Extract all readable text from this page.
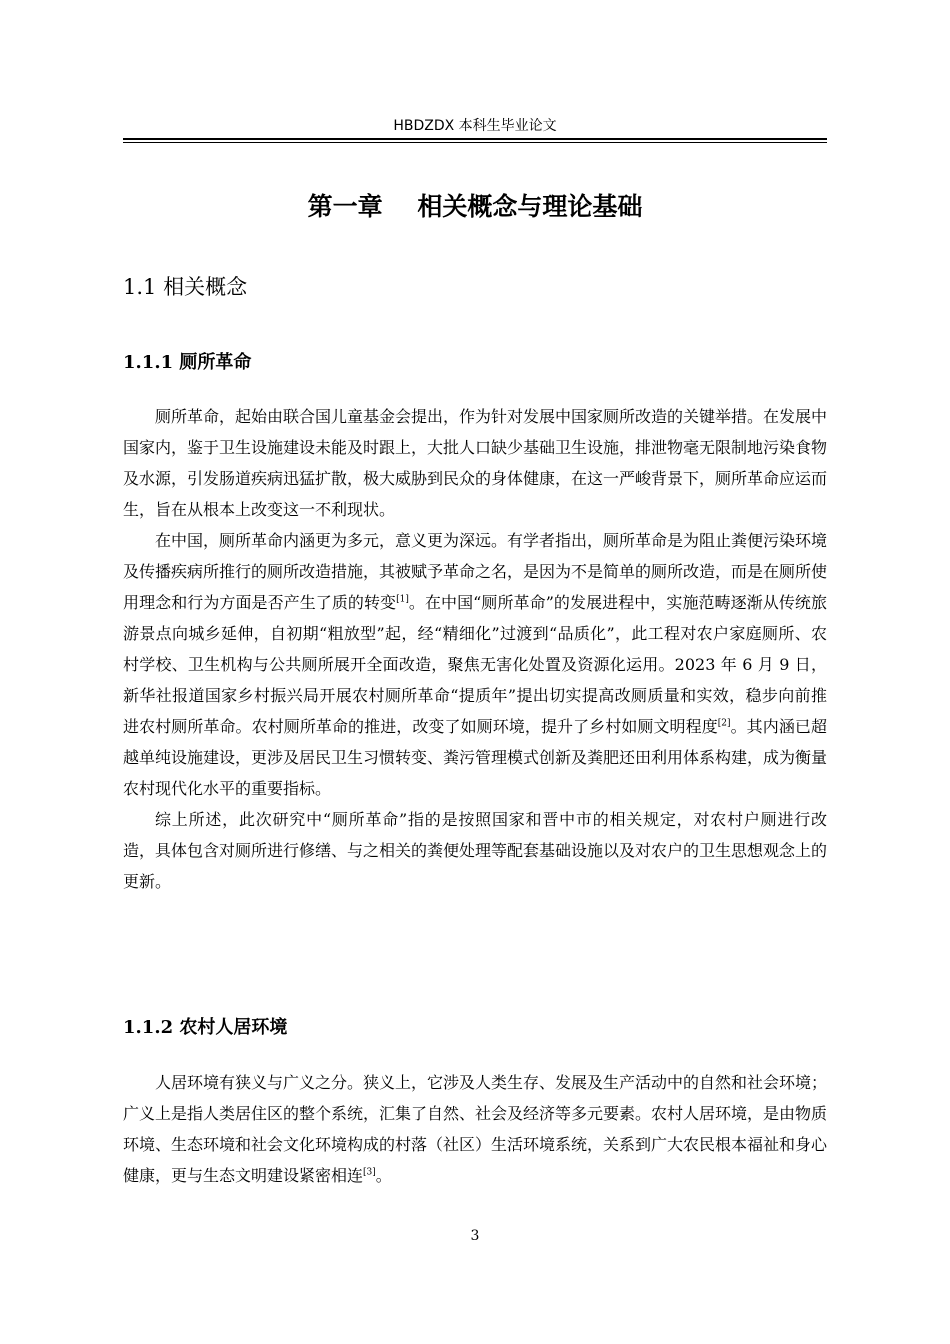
HBDZDX 本科生毕业论文
第一章    相关概念与理论基础
1.1 相关概念
1.1.1 厕所革命

厕所革命，起始由联合国儿童基金会提出，作为针对发展中国家厕所改造的关键举措。在发展中国家内，鉴于卫生设施建设未能及时跟上，大批人口缺少基础卫生设施，排泄物毫无限制地污染食物及水源，引发肠道疾病迅猛扩散，极大威胁到民众的身体健康，在这一严峻背景下，厕所革命应运而生，旨在从根本上改变这一不利现状。

在中国，厕所革命内涵更为多元，意义更为深远。有学者指出，厕所革命是为阻止粪便污染环境及传播疾病所推行的厕所改造措施，其被赋予革命之名，是因为不是简单的厕所改造，而是在厕所使用理念和行为方面是否产生了质的转变[1]。在中国“厕所革命”的发展进程中，实施范畴逐渐从传统旅游景点向城乡延伸，自初期“粗放型”起，经“精细化”过渡到“品质化”，此工程对农户家庭厕所、农村学校、卫生机构与公共厕所展开全面改造，聚焦无害化处置及资源化运用。2023 年 6 月 9 日，新华社报道国家乡村振兴局开展农村厕所革命“提质年”提出切实提高改厕质量和实效，稳步向前推进农村厕所革命。农村厕所革命的推进，改变了如厕环境，提升了乡村如厕文明程度[2]。其内涵已超越单纯设施建设，更涉及居民卫生习惯转变、粪污管理模式创新及粪肥还田利用体系构建，成为衡量农村现代化水平的重要指标。

综上所述，此次研究中“厕所革命”指的是按照国家和晋中市的相关规定，对农村户厕进行改造，具体包含对厕所进行修缮、与之相关的粪便处理等配套基础设施以及对农户的卫生思想观念上的更新。

1.1.2 农村人居环境

人居环境有狭义与广义之分。狭义上，它涉及人类生存、发展及生产活动中的自然和社会环境；广义上是指人类居住区的整个系统，汇集了自然、社会及经济等多元要素。农村人居环境，是由物质环境、生态环境和社会文化环境构成的村落（社区）生活环境系统，关系到广大农民根本福祉和身心健康，更与生态文明建设紧密相连[3]。

3
